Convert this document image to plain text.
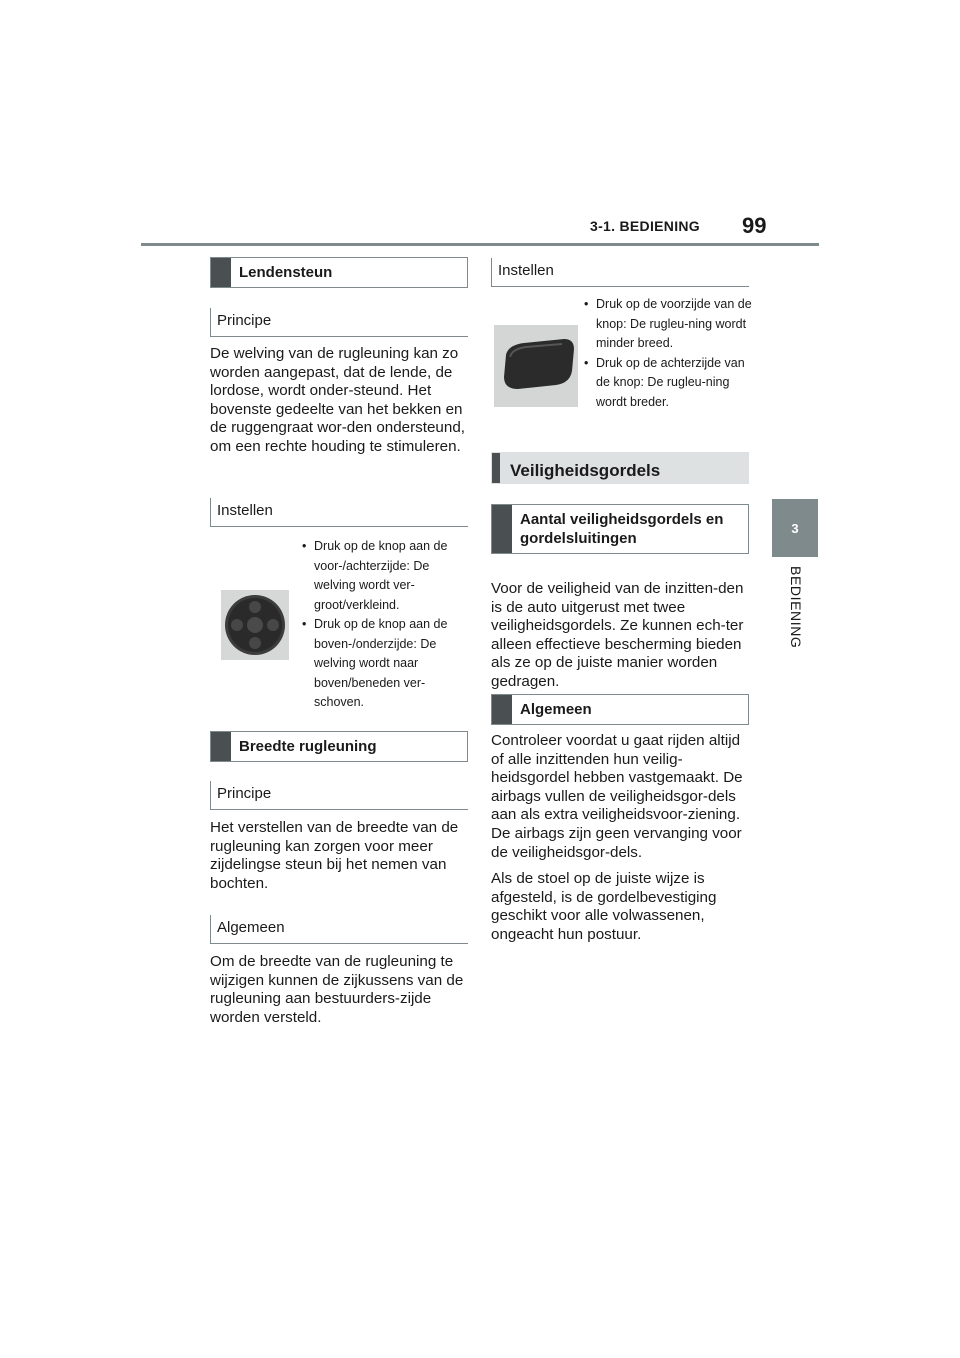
3-1. BEDIENING 99
3
BEDIENING
Lendensteun
Principe

De welving van de rugleuning kan zo worden aangepast, dat de lende, de lordose, wordt onder-steund. Het bovenste gedeelte van het bekken en de ruggengraat wor-den ondersteund, om een rechte houding te stimuleren.

Instellen
• Druk op de knop aan de voor-/achterzijde: De welving wordt ver-groot/verkleind.
• Druk op de knop aan de boven-/onderzijde: De welving wordt naar boven/beneden ver-schoven.
Breedte rugleuning
Principe

Het verstellen van de breedte van de rugleuning kan zorgen voor meer zijdelingse steun bij het nemen van bochten.

Algemeen

Om de breedte van de rugleuning te wijzigen kunnen de zijkussens van de rugleuning aan bestuurders-zijde worden versteld.

Instellen
• Druk op de voorzijde van de knop: De rugleu-ning wordt minder breed.
• Druk op de achterzijde van de knop: De rugleu-ning wordt breder.
Veiligheidsgordels
Aantal veiligheidsgordels en gordelsluitingen

Voor de veiligheid van de inzitten-den is de auto uitgerust met twee veiligheidsgordels. Ze kunnen ech-ter alleen effectieve bescherming bieden als ze op de juiste manier worden gedragen.

Algemeen

Controleer voordat u gaat rijden altijd of alle inzittenden hun veilig-heidsgordel hebben vastgemaakt. De airbags vullen de veiligheidsgor-dels aan als extra veiligheidsvoor-ziening. De airbags zijn geen vervanging voor de veiligheidsgor-dels.

Als de stoel op de juiste wijze is afgesteld, is de gordelbevestiging geschikt voor alle volwassenen, ongeacht hun postuur.
